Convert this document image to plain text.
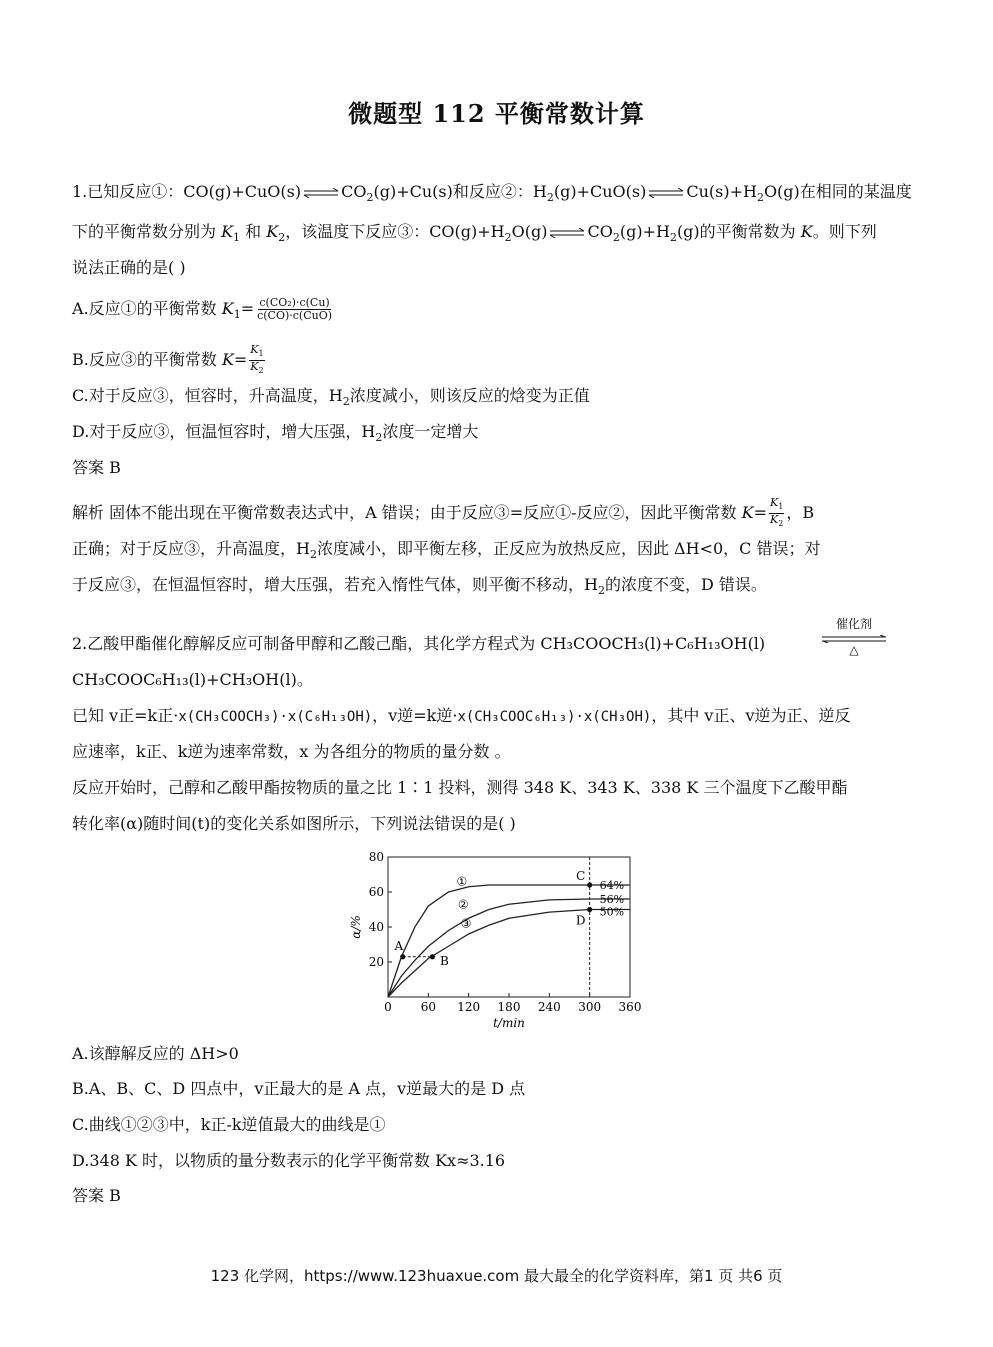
微题型 112 平衡常数计算
1.已知反应①：CO(g)+CuO(s) ⇌ $CO_2(g)+Cu(s)$和反应②：$H_2(g)+CuO(s)$ ⇌ $Cu(s)+H_2O(g)$在相同的某温度
下的平衡常数分别为 $K_1$ 和 $K_2$，该温度下反应③：$CO(g)+H_2O(g)$ ⇌ $CO_2(g)+H_2(g)$的平衡常数为 K。则下列
说法正确的是( )
A.反应①的平衡常数 $K_1= \frac{\text{c(CO₂)·c(Cu)}}{\text{c(CO)·c(CuO)}}$
B.反应③的平衡常数 $K= \frac{K_1}{K_2}$
C.对于反应③，恒容时，升高温度，$H_2$浓度减小，则该反应的焓变为正值
D.对于反应③，恒温恒容时，增大压强，$H_2$浓度一定增大
答案 B
解析 固体不能出现在平衡常数表达式中，A 错误；由于反应③=反应①-反应②，因此平衡常数 $K= \frac{K_1}{K_2}$ ，B
正确；对于反应③，升高温度，$H_2$浓度减小，即平衡左移，正反应为放热反应，因此 ΔH<0，C 错误；对
于反应③，在恒温恒容时，增大压强，若充入惰性气体，则平衡不移动，$H_2$的浓度不变，D 错误。
2.乙酸甲酯催化醇解反应可制备甲醇和乙酸己酯，其化学方程式为 CH₃COOCH₃(l)+C₆H₁₃OH(l)
催化剂
△
CH₃COOC₆H₁₃(l)+CH₃OH(l)。
已知 v正=k正·x(CH₃COOCH₃)·x(C₆H₁₃OH)，v逆=k逆·x(CH₃COOC₆H₁₃)·x(CH₃OH)，其中 v正、v逆为正、逆反
应速率，k正、k逆为速率常数，x 为各组分的物质的量分数 。
反应开始时，己醇和乙酸甲酯按物质的量之比 1∶1 投料，测得 348 K、343 K、338 K 三个温度下乙酸甲酯
转化率(α)随时间(t)的变化关系如图所示，下列说法错误的是( )
0 60 120 180 240 300 360
20
40
60
80
t/min
α/%
①
②
③
A
B
C
D
64%
56%
50%
A.该醇解反应的 ΔH>0
B.A、B、C、D 四点中，v正最大的是 A 点，v逆最大的是 D 点
C.曲线①②③中，k正-k逆值最大的曲线是①
D.348 K 时，以物质的量分数表示的化学平衡常数 Kx≈3.16
答案 B
123 化学网，https://www.123huaxue.com 最大最全的化学资料库，第1 页 共6 页
